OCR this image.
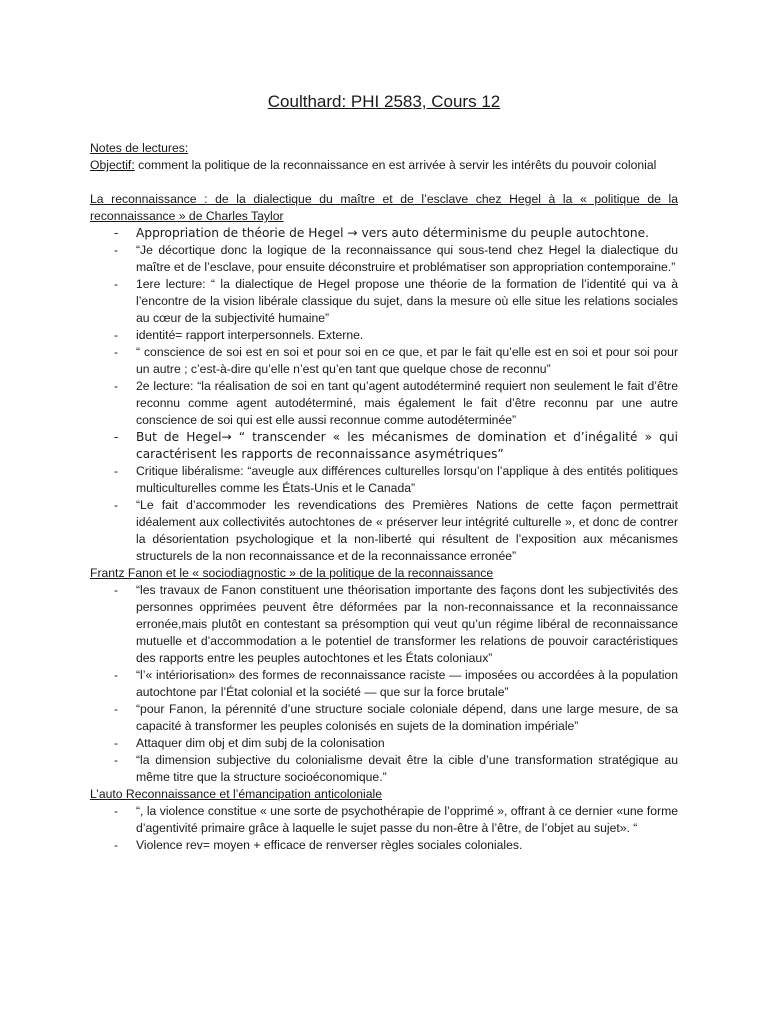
Coulthard: PHI 2583, Cours 12

Notes de lectures:

Objectif: comment la politique de la reconnaissance en est arrivée à servir les intérêts du pouvoir colonial

La reconnaissance : de la dialectique du maître et de l’esclave chez Hegel à la « politique de la reconnaissance » de Charles Taylor

- Appropriation de théorie de Hegel → vers auto déterminisme du peuple autochtone.
- “Je décortique donc la logique de la reconnaissance qui sous-tend chez Hegel la dialectique du maître et de l’esclave, pour ensuite déconstruire et problématiser son appropriation contemporaine.”
- 1ere lecture: “ la dialectique de Hegel propose une théorie de la formation de l’identité qui va à l’encontre de la vision libérale classique du sujet, dans la mesure où elle situe les relations sociales au cœur de la subjectivité humaine”
- identité= rapport interpersonnels. Externe.
- “ conscience de soi est en soi et pour soi en ce que, et par le fait qu’elle est en soi et pour soi pour un autre ; c’est-à-dire qu’elle n’est qu’en tant que quelque chose de reconnu”
- 2e lecture: “la réalisation de soi en tant qu’agent autodéterminé requiert non seulement le fait d’être reconnu comme agent autodéterminé, mais également le fait d’être reconnu par une autre conscience de soi qui est elle aussi reconnue comme autodéterminée”
- But de Hegel→ “ transcender « les mécanismes de domination et d’inégalité » qui caractérisent les rapports de reconnaissance asymétriques”
- Critique libéralisme: “aveugle aux différences culturelles lorsqu’on l’applique à des entités politiques multiculturelles comme les États-Unis et le Canada”
- “Le fait d’accommoder les revendications des Premières Nations de cette façon permettrait idéalement aux collectivités autochtones de « préserver leur intégrité culturelle », et donc de contrer la désorientation psychologique et la non-liberté qui résultent de l’exposition aux mécanismes structurels de la non reconnaissance et de la reconnaissance erronée”

Frantz Fanon et le « sociodiagnostic » de la politique de la reconnaissance

- “les travaux de Fanon constituent une théorisation importante des façons dont les subjectivités des personnes opprimées peuvent être déformées par la non-reconnaissance et la reconnaissance erronée,mais plutôt en contestant sa présomption qui veut qu’un régime libéral de reconnaissance mutuelle et d’accommodation a le potentiel de transformer les relations de pouvoir caractéristiques des rapports entre les peuples autochtones et les États coloniaux”
- “l’« intériorisation» des formes de reconnaissance raciste — imposées ou accordées à la population autochtone par l’État colonial et la société — que sur la force brutale”
- “pour Fanon, la pérennité d’une structure sociale coloniale dépend, dans une large mesure, de sa capacité à transformer les peuples colonisés en sujets de la domination impériale”
- Attaquer dim obj et dim subj de la colonisation
- “la dimension subjective du colonialisme devait être la cible d’une transformation stratégique au même titre que la structure socioéconomique.”

L’auto Reconnaissance et l’émancipation anticoloniale

- “, la violence constitue « une sorte de psychothérapie de l’opprimé », offrant à ce dernier «une forme d’agentivité primaire grâce à laquelle le sujet passe du non-être à l’être, de l’objet au sujet». “
- Violence rev= moyen + efficace de renverser règles sociales coloniales.
